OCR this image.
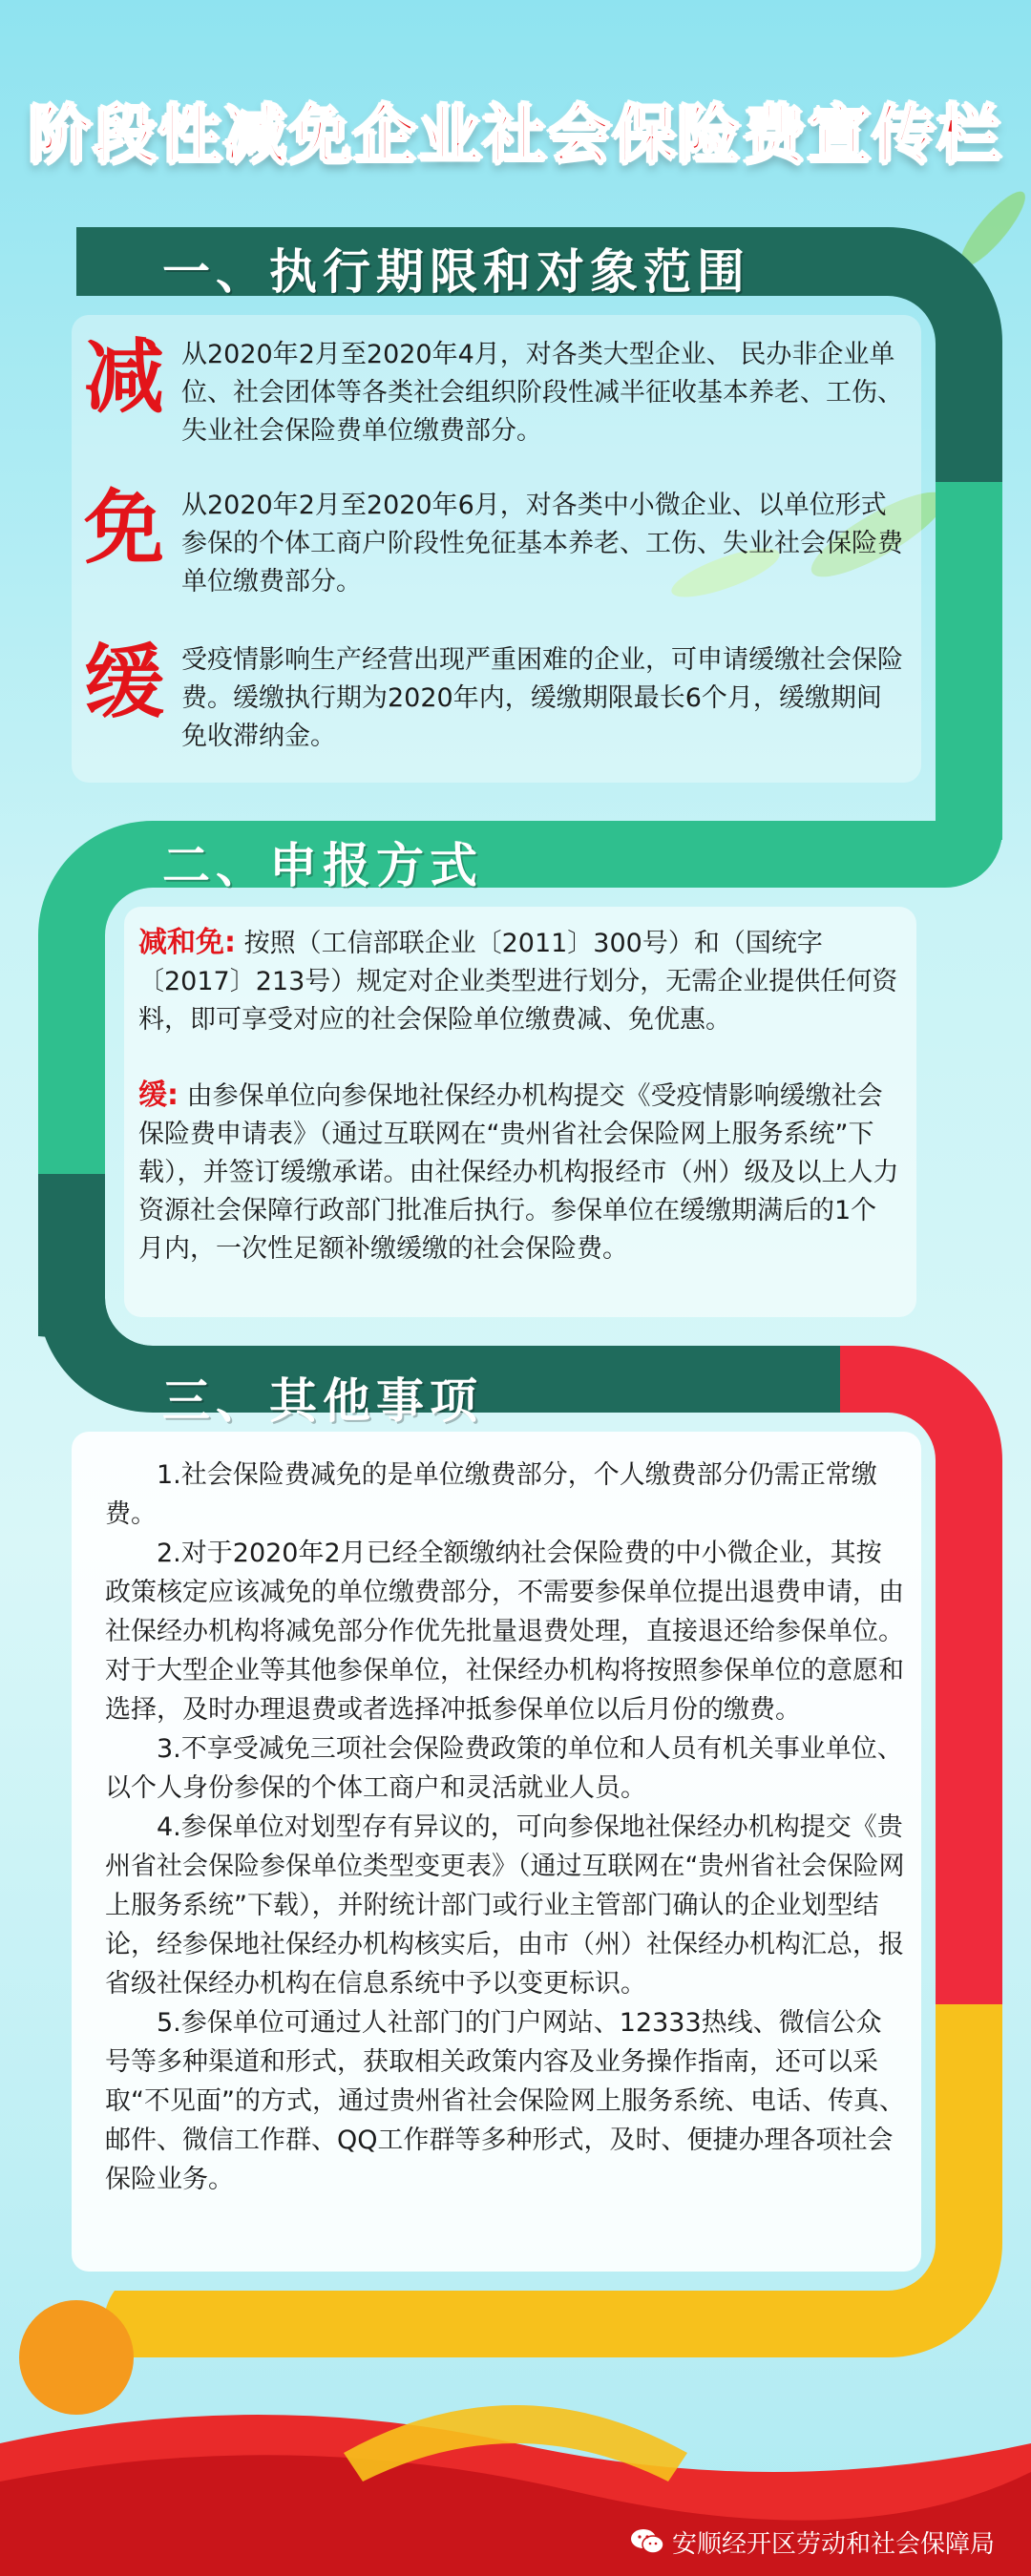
阶段性减免企业社会保险费宣传栏
一、执行期限和对象范围
减 从2020年2月至2020年4月，对各类大型企业、 民办非企业单位、社会团体等各类社会组织阶段性减半征收基本养老、工伤、失业社会保险费单位缴费部分。
免 从2020年2月至2020年6月，对各类中小微企业、以单位形式参保的个体工商户阶段性免征基本养老、工伤、失业社会保险费单位缴费部分。
缓 受疫情影响生产经营出现严重困难的企业，可申请缓缴社会保险费。缓缴执行期为2020年内，缓缴期限最长6个月，缓缴期间免收滞纳金。
二、申报方式
减和免: 按照（工信部联企业〔2011〕300号）和（国统字〔2017〕213号）规定对企业类型进行划分，无需企业提供任何资料，即可享受对应的社会保险单位缴费减、免优惠。
缓: 由参保单位向参保地社保经办机构提交《受疫情影响缓缴社会保险费申请表》（通过互联网在“贵州省社会保险网上服务系统”下载），并签订缓缴承诺。由社保经办机构报经市（州）级及以上人力资源社会保障行政部门批准后执行。参保单位在缓缴期满后的1个月内，一次性足额补缴缓缴的社会保险费。
三、其他事项
1.社会保险费减免的是单位缴费部分，个人缴费部分仍需正常缴费。
2.对于2020年2月已经全额缴纳社会保险费的中小微企业，其按政策核定应该减免的单位缴费部分，不需要参保单位提出退费申请，由社保经办机构将减免部分作优先批量退费处理，直接退还给参保单位。对于大型企业等其他参保单位，社保经办机构将按照参保单位的意愿和选择，及时办理退费或者选择冲抵参保单位以后月份的缴费。
3.不享受减免三项社会保险费政策的单位和人员有机关事业单位、以个人身份参保的个体工商户和灵活就业人员。
4.参保单位对划型存有异议的，可向参保地社保经办机构提交《贵州省社会保险参保单位类型变更表》（通过互联网在“贵州省社会保险网上服务系统”下载），并附统计部门或行业主管部门确认的企业划型结论，经参保地社保经办机构核实后，由市（州）社保经办机构汇总，报省级社保经办机构在信息系统中予以变更标识。
5.参保单位可通过人社部门的门户网站、12333热线、微信公众号等多种渠道和形式，获取相关政策内容及业务操作指南，还可以采取“不见面”的方式，通过贵州省社会保险网上服务系统、电话、传真、邮件、微信工作群、QQ工作群等多种形式，及时、便捷办理各项社会保险业务。
安顺经开区劳动和社会保障局
